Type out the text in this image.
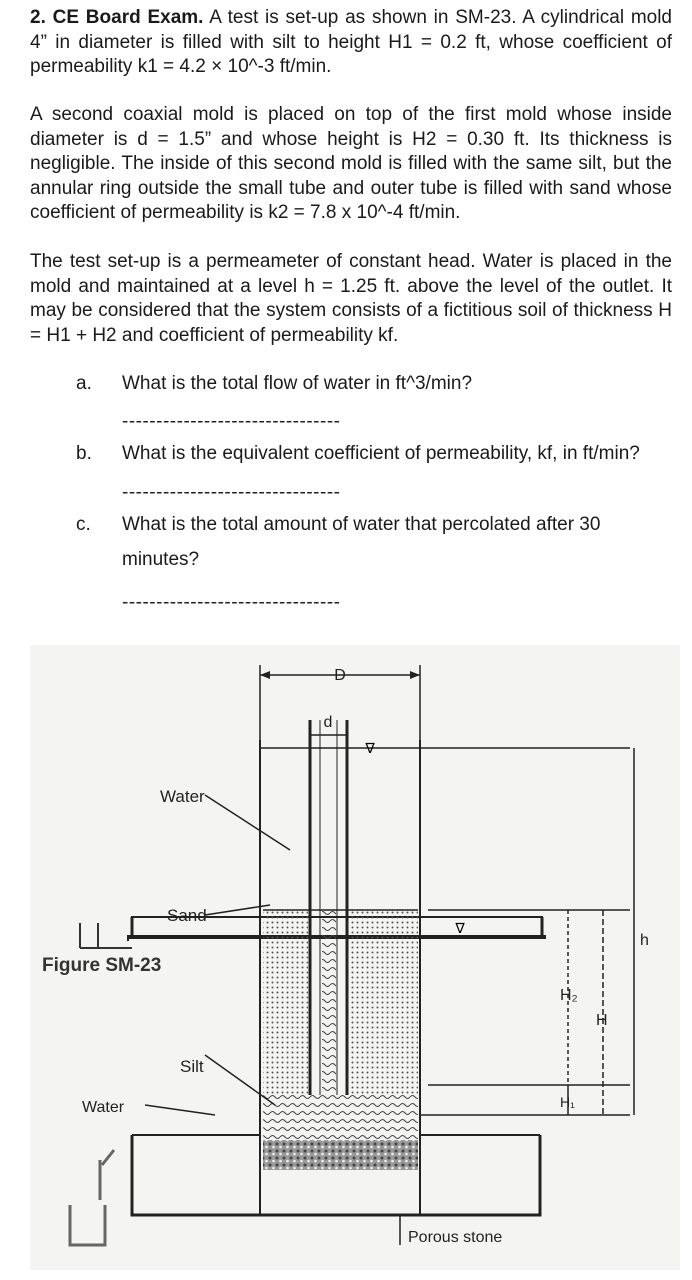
2. CE Board Exam. A test is set-up as shown in SM-23. A cylindrical mold 4” in diameter is filled with silt to height H1 = 0.2 ft, whose coefficient of permeability k1 = 4.2 × 10^-3 ft/min.

A second coaxial mold is placed on top of the first mold whose inside diameter is d = 1.5” and whose height is H2 = 0.30 ft. Its thickness is negligible. The inside of this second mold is filled with the same silt, but the annular ring outside the small tube and outer tube is filled with sand whose coefficient of permeability is k2 = 7.8 x 10^-4 ft/min.

The test set-up is a permeameter of constant head. Water is placed in the mold and maintained at a level h = 1.25 ft. above the level of the outlet. It may be considered that the system consists of a fictitious soil of thickness H = H1 + H2 and coefficient of permeability kf.

a. What is the total flow of water in ft^3/min?
--------------------------------
b. What is the equivalent coefficient of permeability, kf, in ft/min?
--------------------------------
c. What is the total amount of water that percolated after 30 minutes?
--------------------------------
∇
∇
D
d
Water
Sand
Figure SM-23
Silt
Water
Porous stone
H₂
H₁
H
h
